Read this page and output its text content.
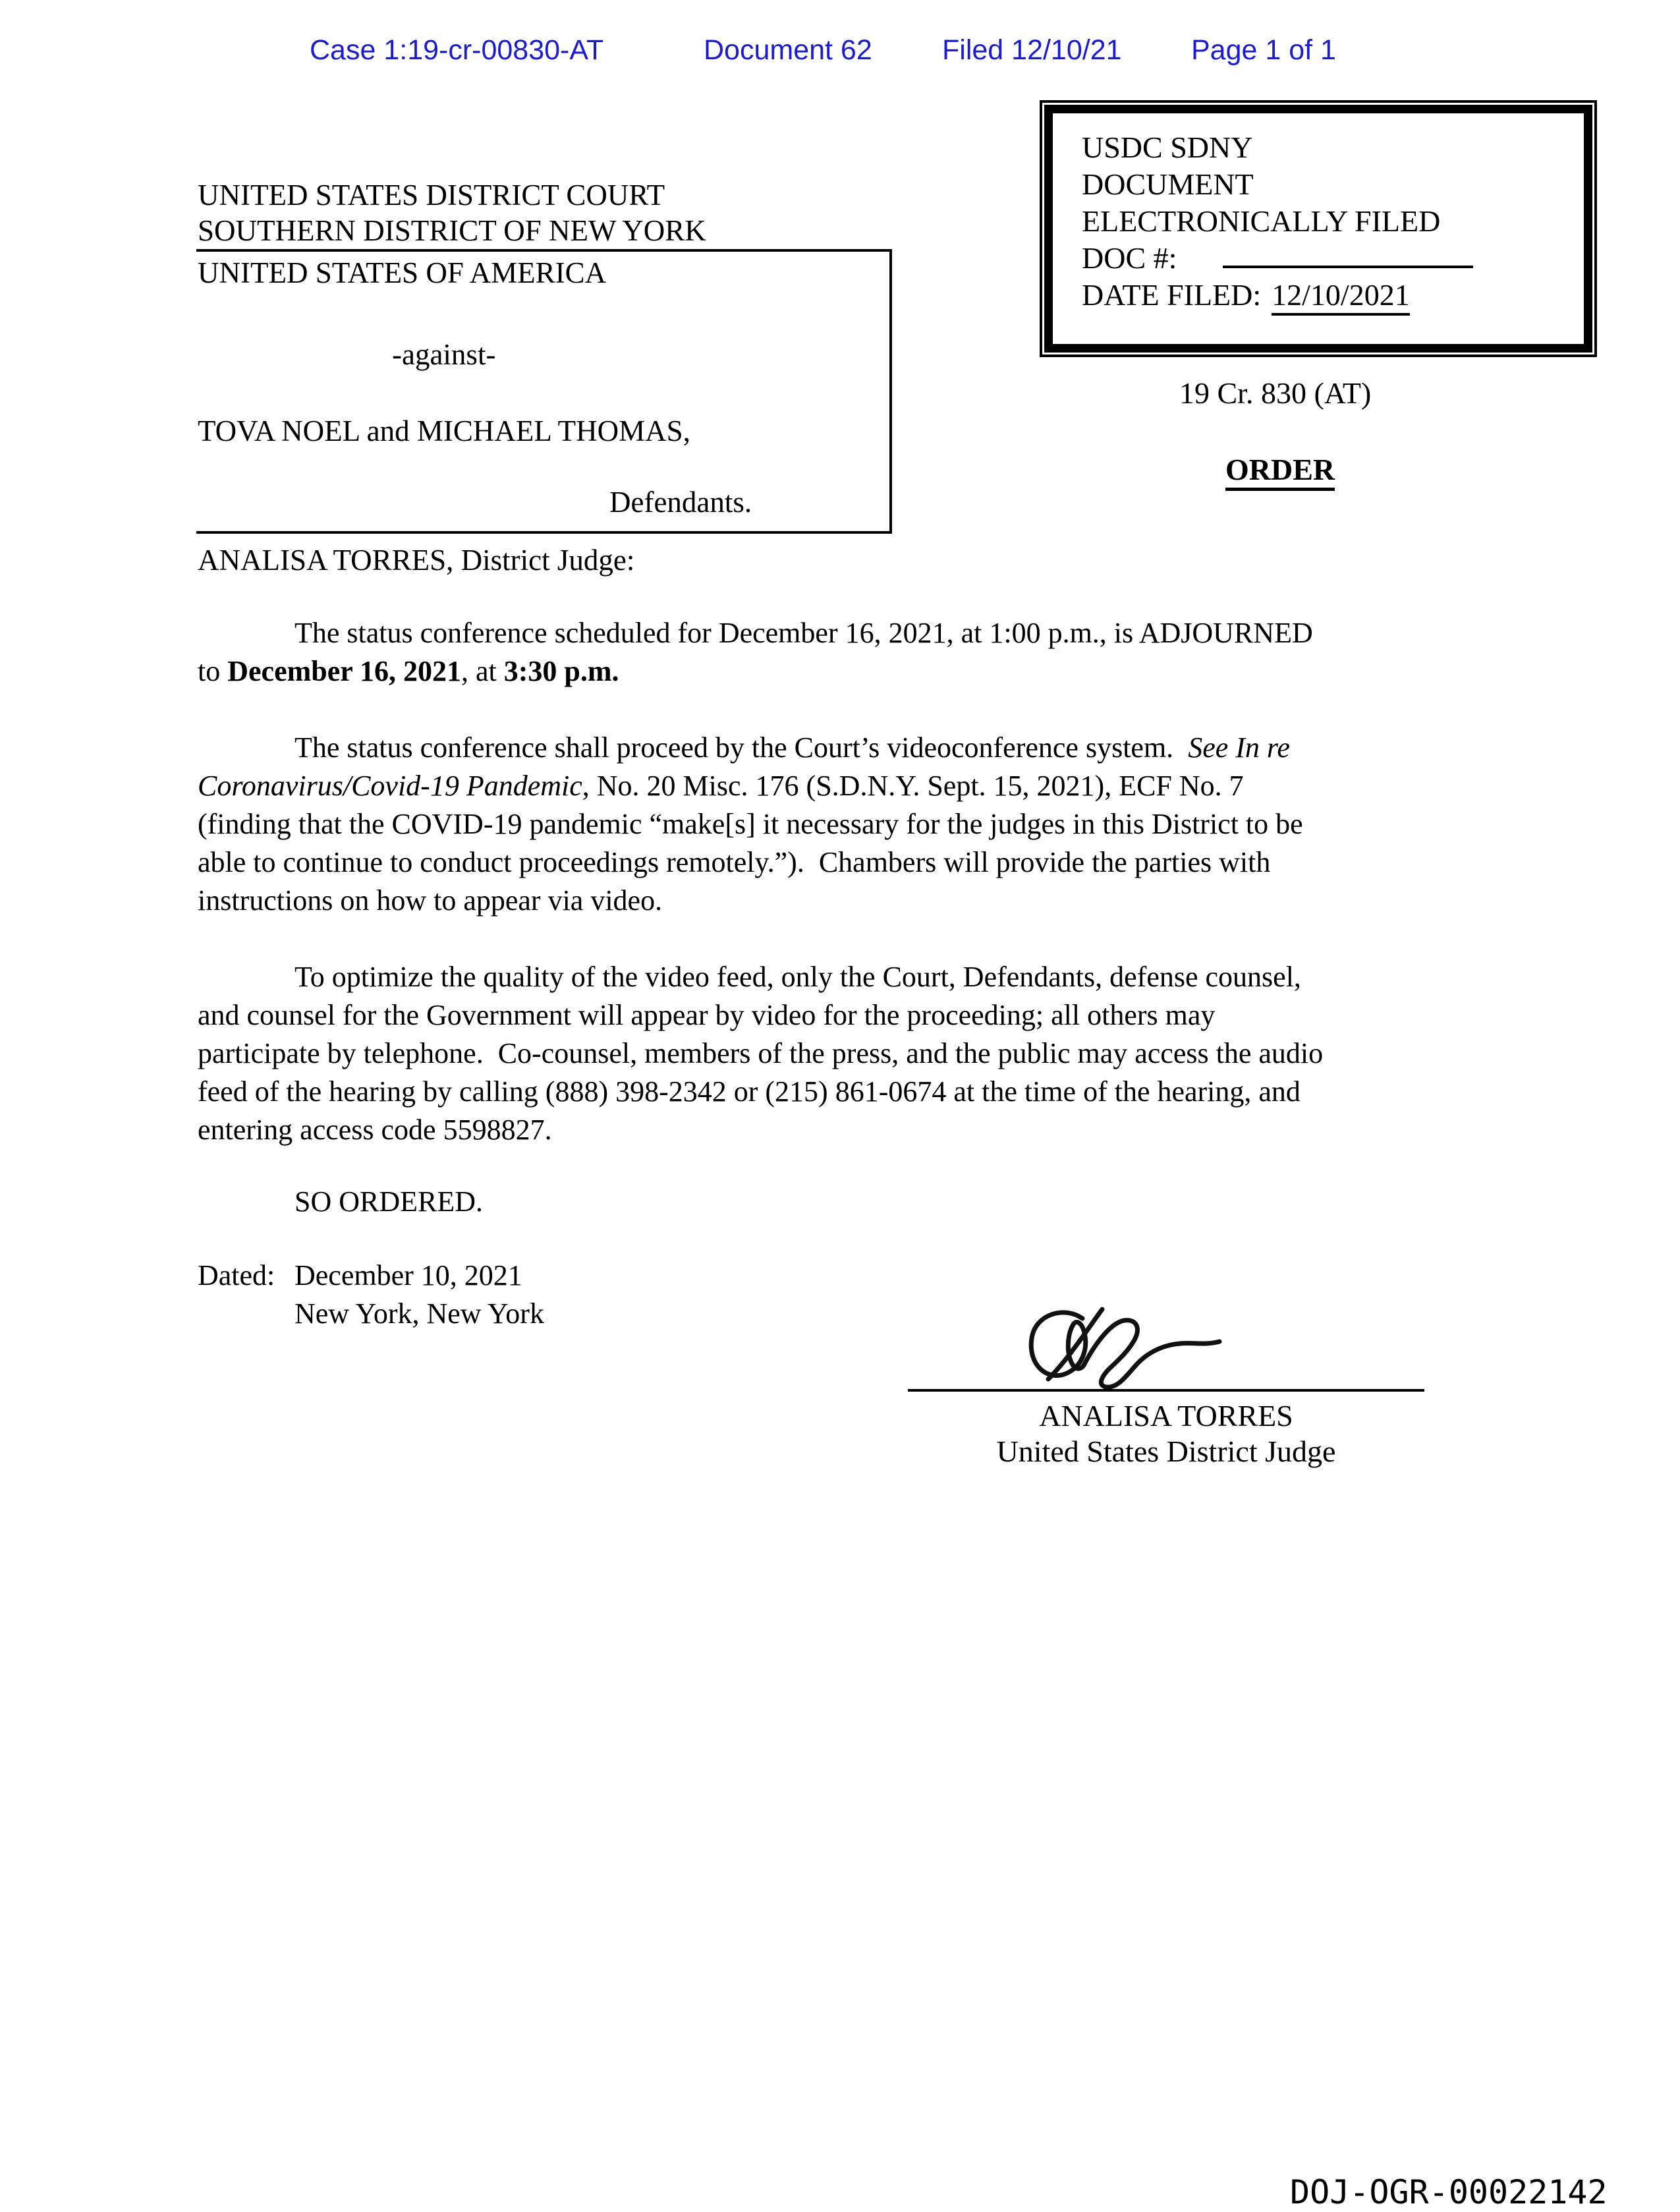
Case 1:19-cr-00830-AT	Document 62 Filed 12/10/21 Page 1 of 1
USDC SDNY
DOCUMENT
ELECTRONICALLY FILED
DOC #:
DATE FILED: 12/10/2021
UNITED STATES DISTRICT COURT
SOUTHERN DISTRICT OF NEW YORK
UNITED STATES OF AMERICA
-against-
TOVA NOEL and MICHAEL THOMAS,
Defendants.
19 Cr. 830 (AT)
ORDER
ANALISA TORRES, District Judge:
The status conference scheduled for December 16, 2021, at 1:00 p.m., is ADJOURNED
to December 16, 2021, at 3:30 p.m.
The status conference shall proceed by the Court’s videoconference system.  See In re
Coronavirus/Covid-19 Pandemic, No. 20 Misc. 176 (S.D.N.Y. Sept. 15, 2021), ECF No. 7
(finding that the COVID-19 pandemic “make[s] it necessary for the judges in this District to be
able to continue to conduct proceedings remotely.”).  Chambers will provide the parties with
instructions on how to appear via video.
To optimize the quality of the video feed, only the Court, Defendants, defense counsel,
and counsel for the Government will appear by video for the proceeding; all others may
participate by telephone.  Co-counsel, members of the press, and the public may access the audio
feed of the hearing by calling (888) 398-2342 or (215) 861-0674 at the time of the hearing, and
entering access code 5598827.
SO ORDERED.
Dated: December 10, 2021
New York, New York
ANALISA TORRES
United States District Judge
DOJ-OGR-00022142
